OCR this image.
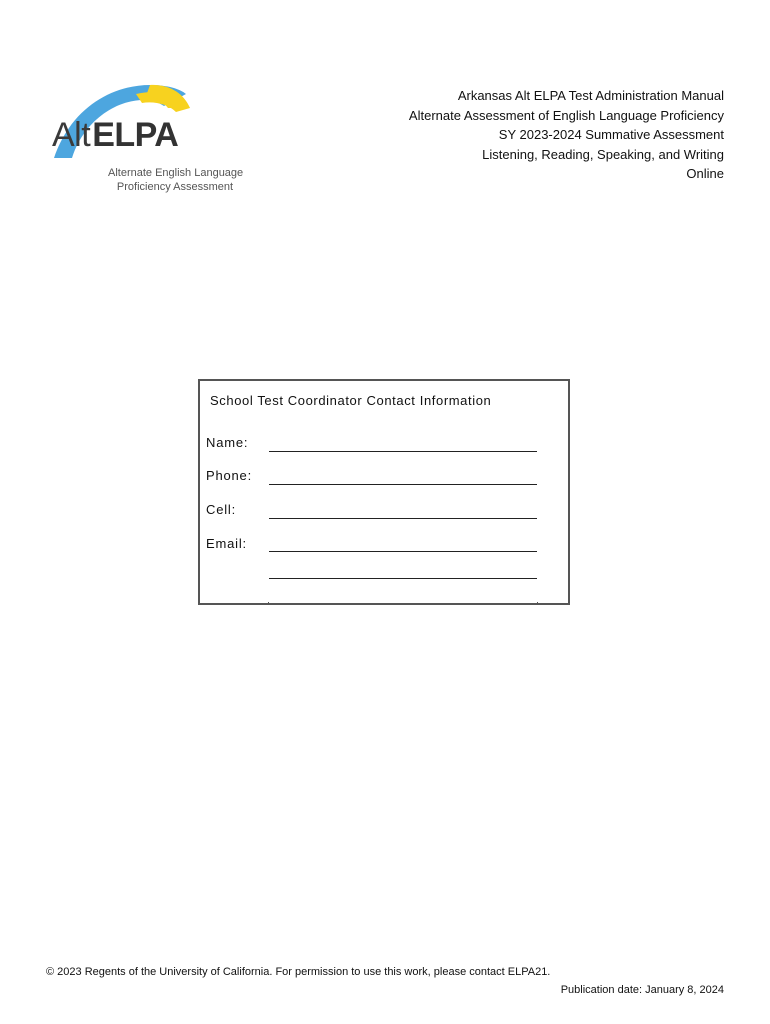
AltELPA
Alternate English Language
Proficiency Assessment
Arkansas Alt ELPA Test Administration Manual
Alternate Assessment of English Language Proficiency
SY 2023-2024 Summative Assessment
Listening, Reading, Speaking, and Writing
Online
School Test Coordinator Contact Information
Name:
Phone:
Cell:
Email:
© 2023 Regents of the University of California. For permission to use this work, please contact ELPA21.
Publication date: January 8, 2024
